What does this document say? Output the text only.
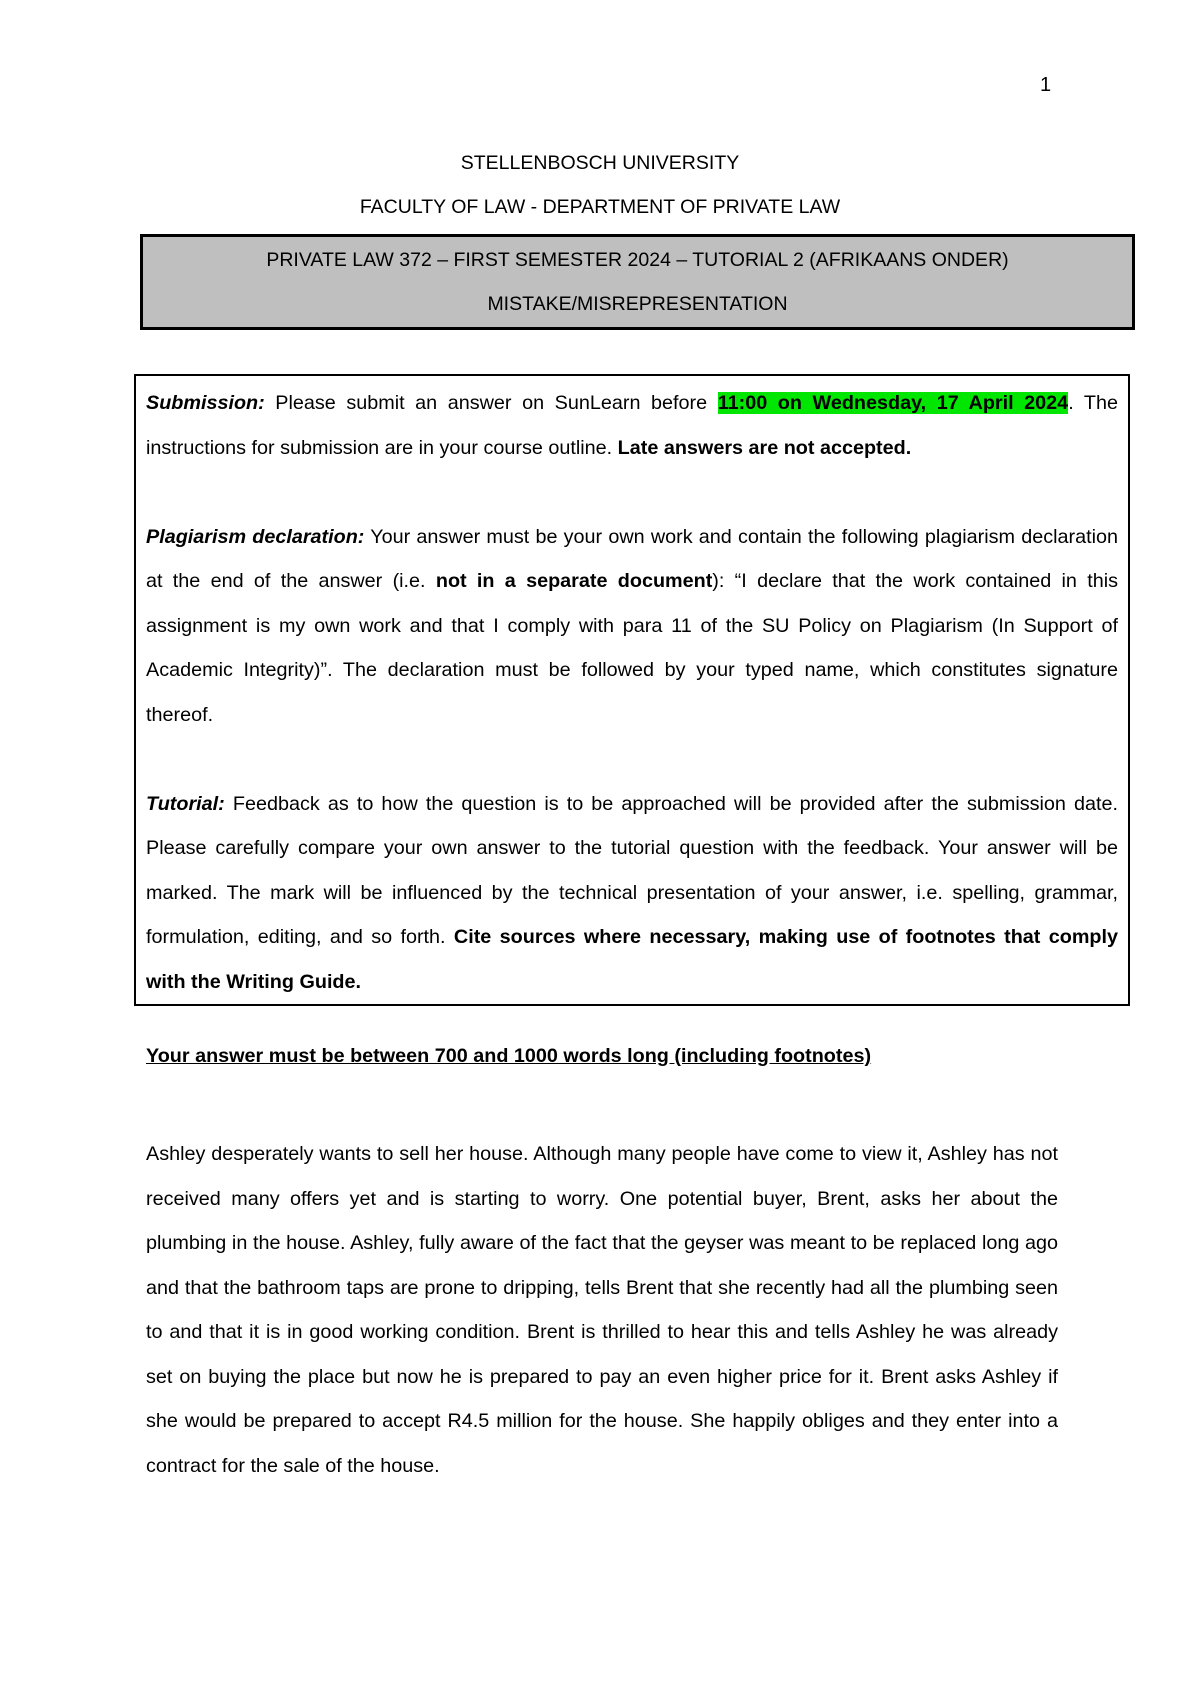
1
STELLENBOSCH UNIVERSITY
FACULTY OF LAW - DEPARTMENT OF PRIVATE LAW
PRIVATE LAW 372 – FIRST SEMESTER 2024 – TUTORIAL 2 (AFRIKAANS ONDER)
MISTAKE/MISREPRESENTATION

Submission: Please submit an answer on SunLearn before 11:00 on Wednesday, 17 April 2024. The instructions for submission are in your course outline. Late answers are not accepted.

Plagiarism declaration: Your answer must be your own work and contain the following plagiarism declaration at the end of the answer (i.e. not in a separate document): “I declare that the work contained in this assignment is my own work and that I comply with para 11 of the SU Policy on Plagiarism (In Support of Academic Integrity)”. The declaration must be followed by your typed name, which constitutes signature thereof.

Tutorial: Feedback as to how the question is to be approached will be provided after the submission date. Please carefully compare your own answer to the tutorial question with the feedback. Your answer will be marked. The mark will be influenced by the technical presentation of your answer, i.e. spelling, grammar, formulation, editing, and so forth. Cite sources where necessary, making use of footnotes that comply with the Writing Guide.

Your answer must be between 700 and 1000 words long (including footnotes)

Ashley desperately wants to sell her house. Although many people have come to view it, Ashley has not received many offers yet and is starting to worry. One potential buyer, Brent, asks her about the plumbing in the house. Ashley, fully aware of the fact that the geyser was meant to be replaced long ago and that the bathroom taps are prone to dripping, tells Brent that she recently had all the plumbing seen to and that it is in good working condition. Brent is thrilled to hear this and tells Ashley he was already set on buying the place but now he is prepared to pay an even higher price for it. Brent asks Ashley if she would be prepared to accept R4.5 million for the house. She happily obliges and they enter into a contract for the sale of the house.
